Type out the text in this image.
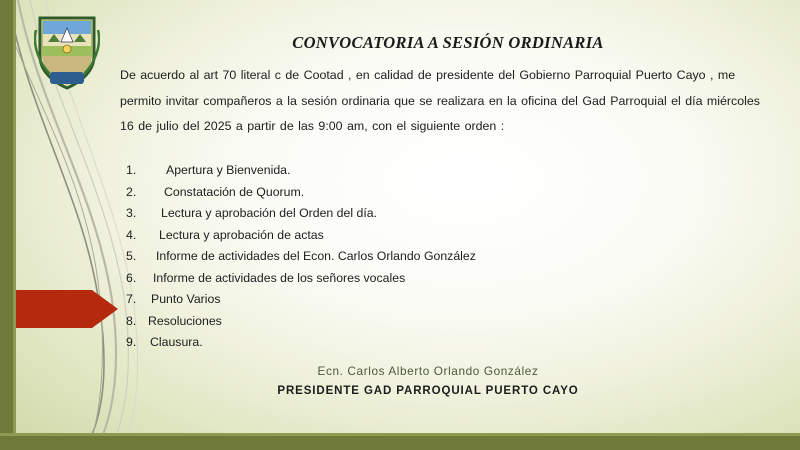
CONVOCATORIA A SESIÓN ORDINARIA
De acuerdo al art 70 literal c de Cootad , en calidad de presidente del Gobierno Parroquial Puerto Cayo , me permito invitar compañeros a la sesión ordinaria que se realizara en la oficina del Gad Parroquial el día miércoles 16 de julio del 2025 a partir de las 9:00 am, con el siguiente orden :
1. Apertura y Bienvenida.
2. Constatación de Quorum.
3. Lectura y aprobación del Orden del día.
4. Lectura y aprobación de actas
5. Informe de actividades del Econ. Carlos Orlando González
6. Informe de actividades de los señores vocales
7. Punto Varios
8. Resoluciones
9. Clausura.
Ecn. Carlos Alberto Orlando González
PRESIDENTE GAD PARROQUIAL PUERTO CAYO
